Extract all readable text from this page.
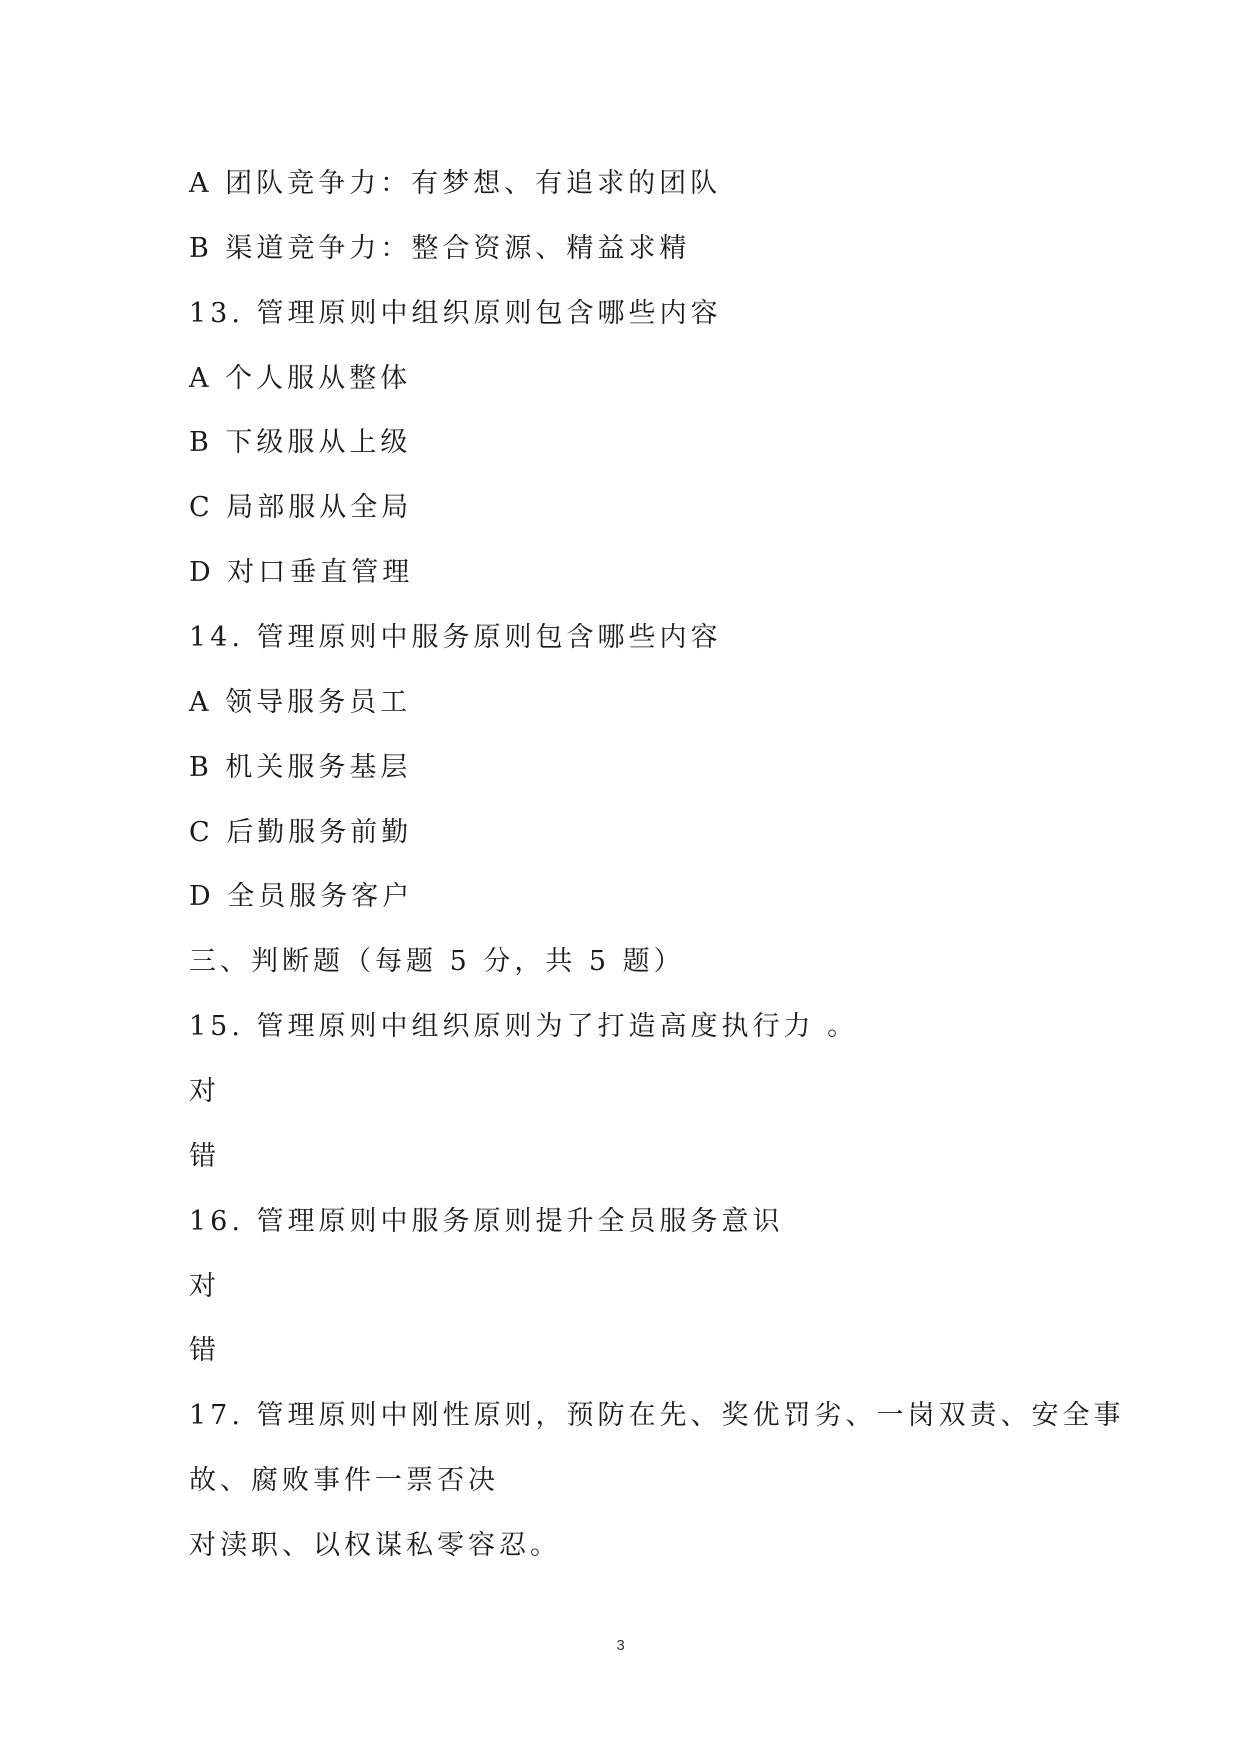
A 团队竞争力：有梦想、有追求的团队
B 渠道竞争力：整合资源、精益求精
13. 管理原则中组织原则包含哪些内容
A 个人服从整体
B 下级服从上级
C 局部服从全局
D 对口垂直管理
14. 管理原则中服务原则包含哪些内容
A 领导服务员工
B 机关服务基层
C 后勤服务前勤
D 全员服务客户
三、判断题（每题 5 分，共 5 题）
15. 管理原则中组织原则为了打造高度执行力 。
对
错
16. 管理原则中服务原则提升全员服务意识
对
错
17. 管理原则中刚性原则，预防在先、奖优罚劣、一岗双责、安全事
故、腐败事件一票否决
对渎职、以权谋私零容忍。
3
